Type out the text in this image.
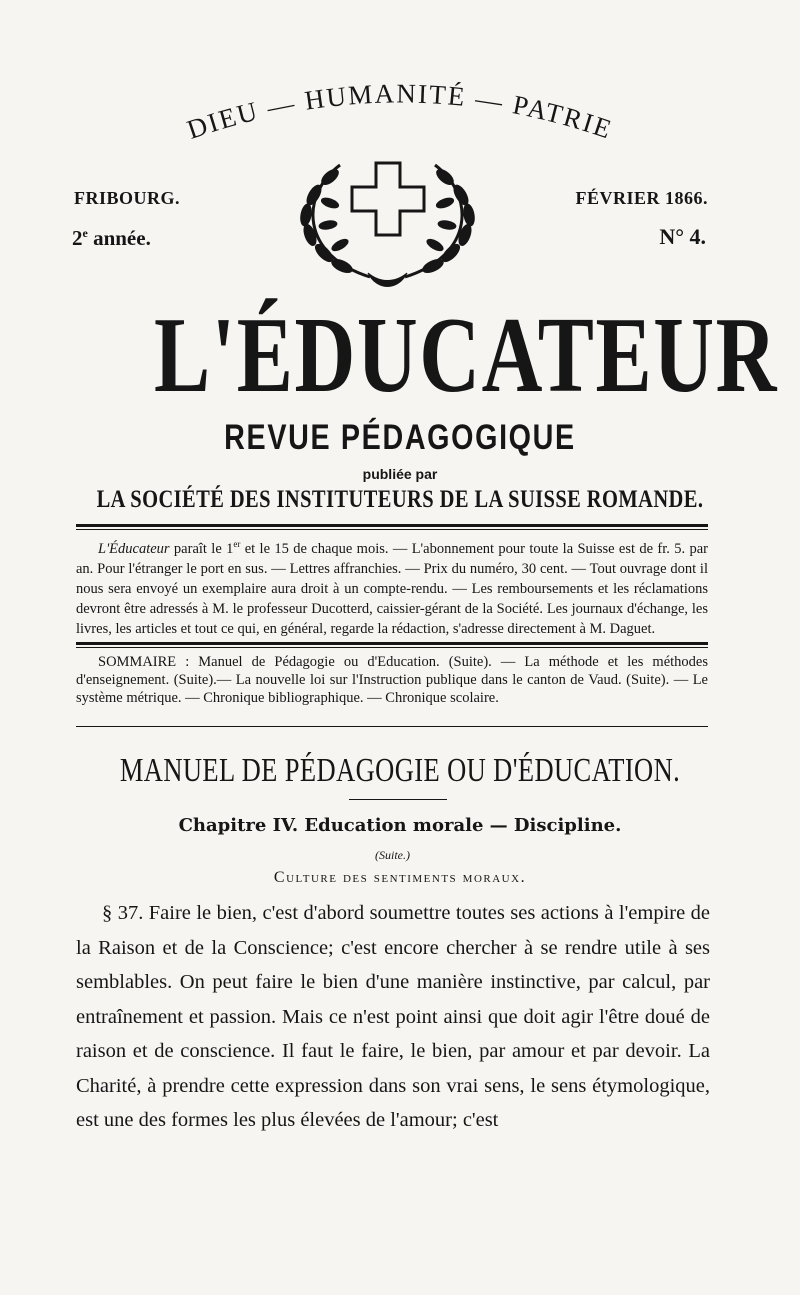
DIEU — HUMANITÉ — PATRIE
FRIBOURG.	FÉVRIER 1866.
2e année.	N° 4.
L'ÉDUCATEUR
REVUE PÉDAGOGIQUE
publiée par
LA SOCIÉTÉ DES INSTITUTEURS DE LA SUISSE ROMANDE.
L'Éducateur paraît le 1er et le 15 de chaque mois. — L'abonnement pour toute la Suisse est de fr. 5. par an. Pour l'étranger le port en sus. — Lettres affranchies. — Prix du numéro, 30 cent. — Tout ouvrage dont il nous sera envoyé un exemplaire aura droit à un compte-rendu. — Les remboursements et les réclamations devront être adressés à M. le professeur Ducotterd, caissier-gérant de la Société. Les journaux d'échange, les livres, les articles et tout ce qui, en général, regarde la rédaction, s'adresse directement à M. Daguet.
SOMMAIRE : Manuel de Pédagogie ou d'Education. (Suite). — La méthode et les méthodes d'enseignement. (Suite).— La nouvelle loi sur l'Instruction publique dans le canton de Vaud. (Suite). — Le système métrique. — Chronique bibliographique. — Chronique scolaire.
MANUEL DE PÉDAGOGIE OU D'ÉDUCATION.
Chapitre IV. Education morale — Discipline.
(Suite.)
Culture des sentiments moraux.

§ 37. Faire le bien, c'est d'abord soumettre toutes ses actions à l'empire de la Raison et de la Conscience; c'est encore chercher à se rendre utile à ses semblables. On peut faire le bien d'une manière instinctive, par calcul, par entraînement et passion. Mais ce n'est point ainsi que doit agir l'être doué de raison et de conscience. Il faut le faire, le bien, par amour et par devoir. La Charité, à prendre cette expression dans son vrai sens, le sens étymologique, est une des formes les plus élevées de l'amour; c'est
